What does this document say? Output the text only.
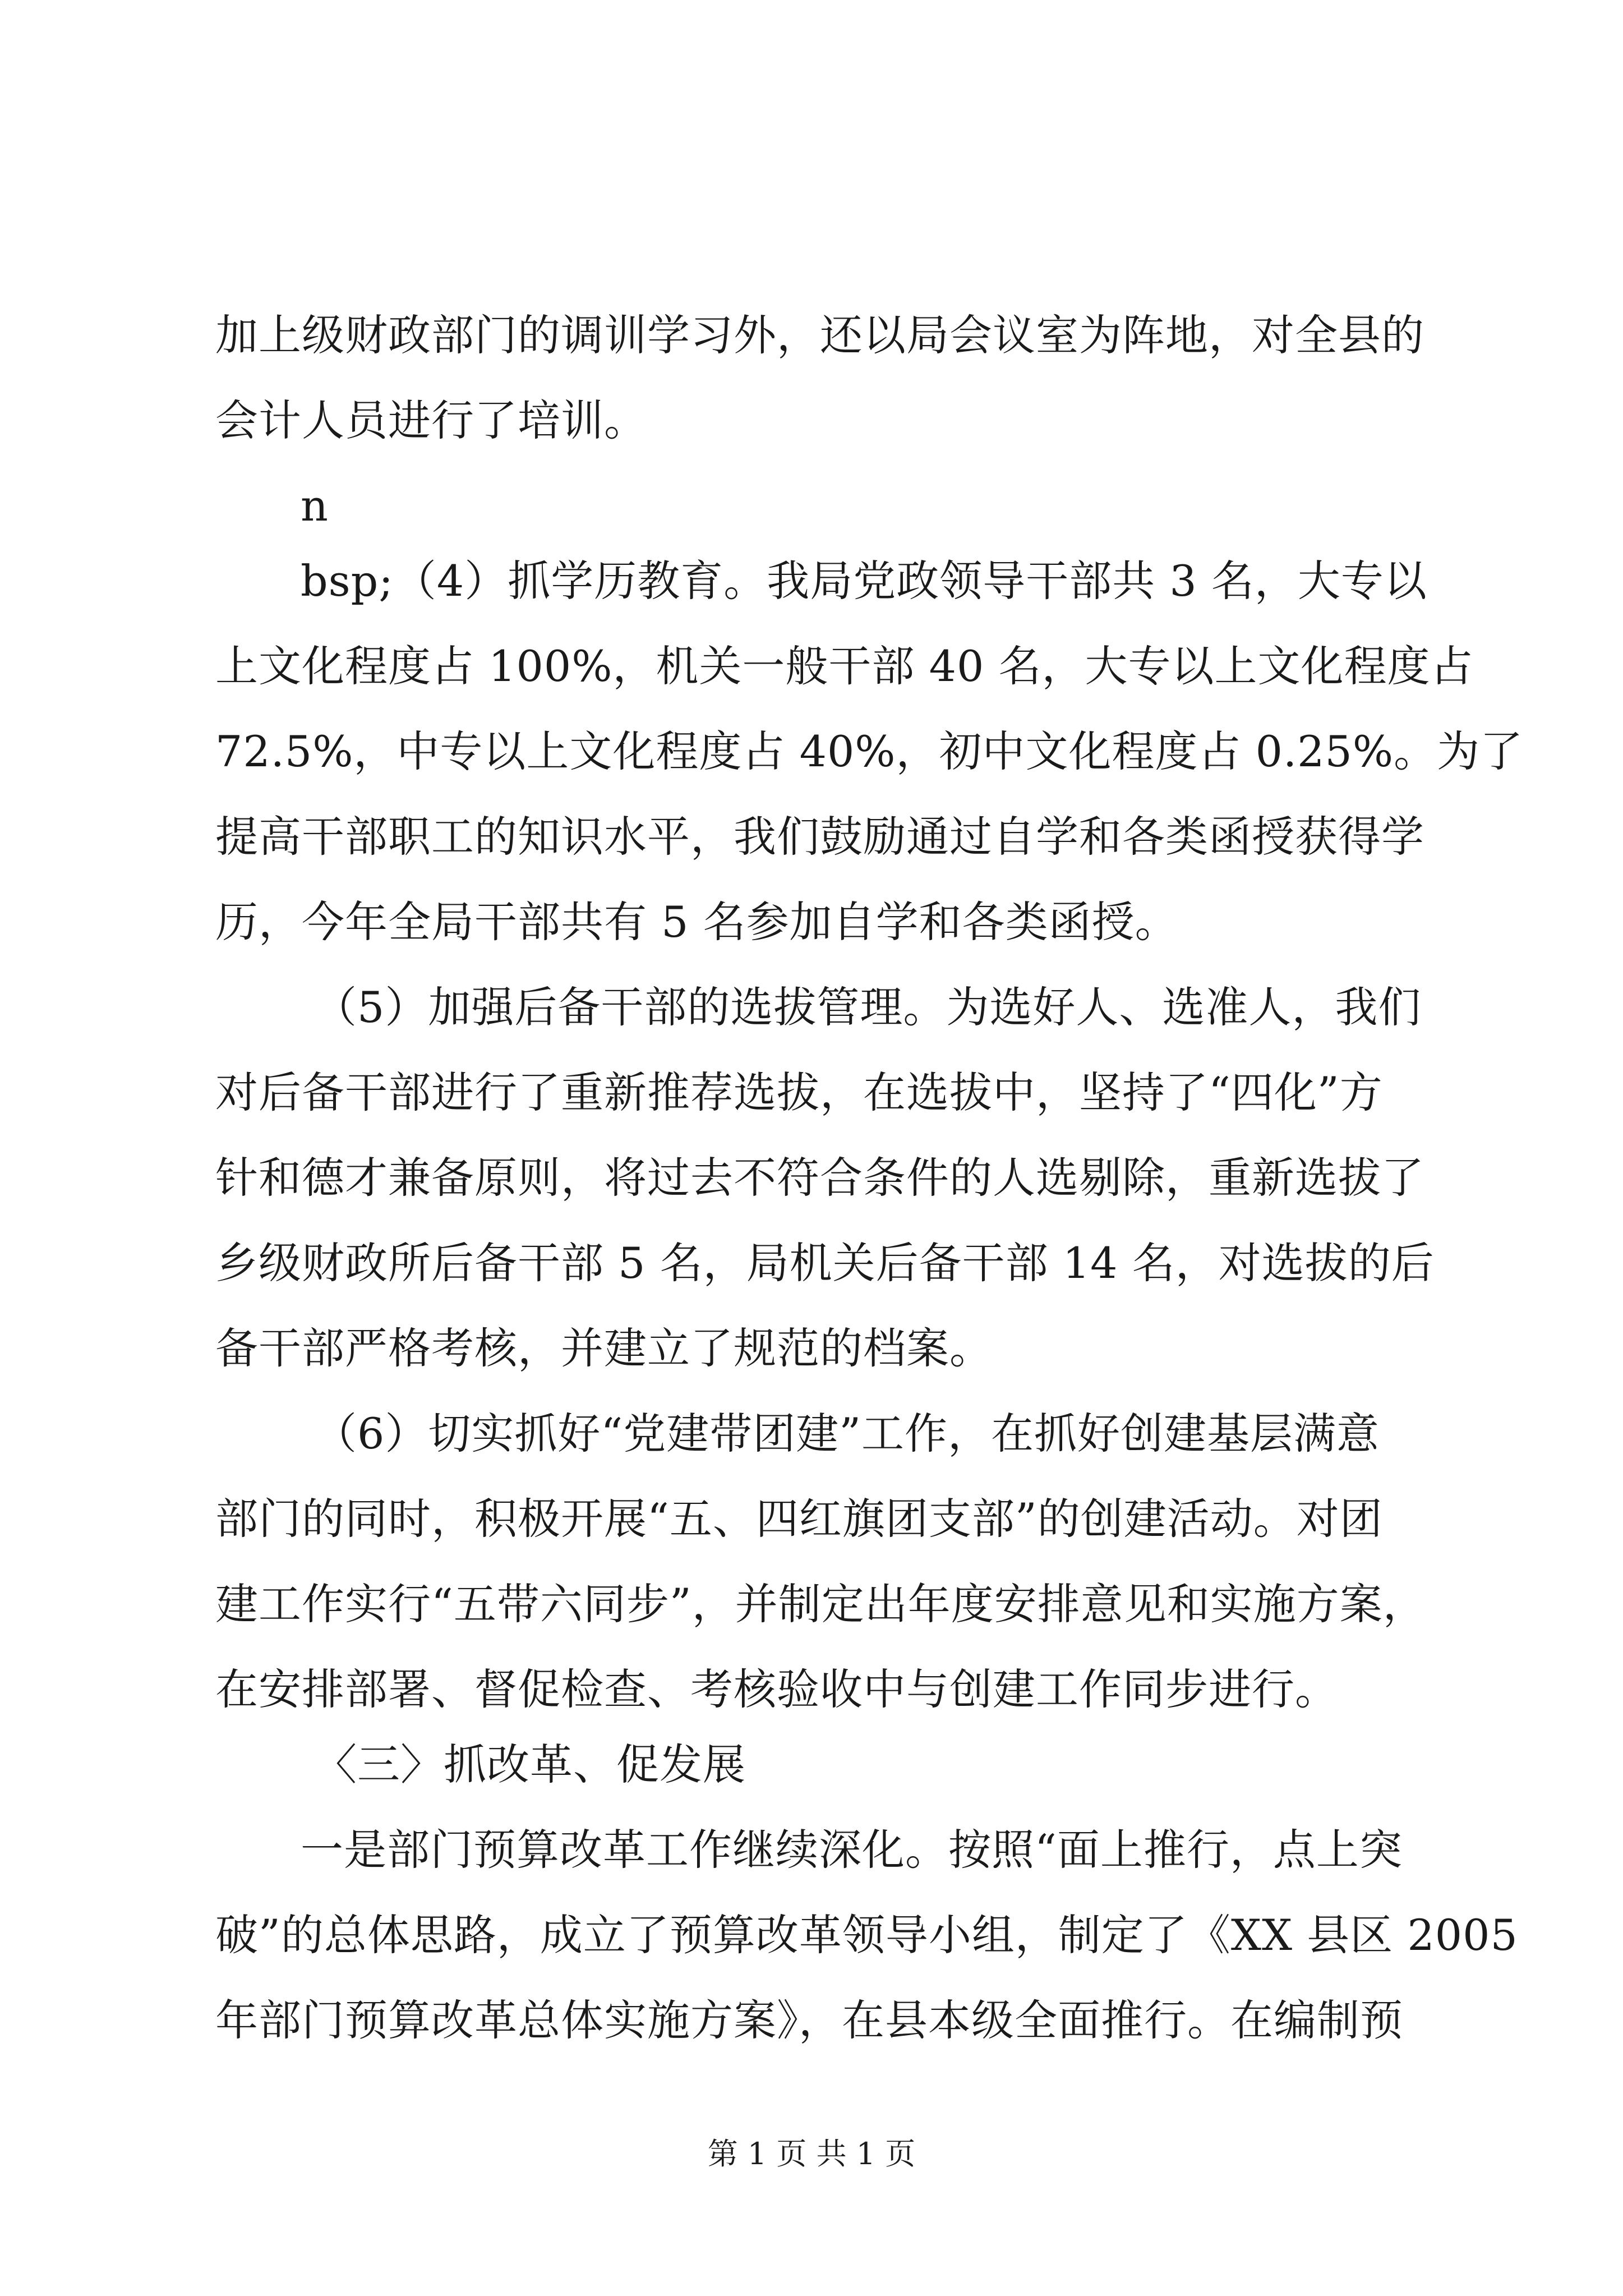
加上级财政部门的调训学习外，还以局会议室为阵地，对全县的
会计人员进行了培训。
n
bsp;（4）抓学历教育。我局党政领导干部共 3 名，大专以
上文化程度占 100%，机关一般干部 40 名，大专以上文化程度占
72.5%，中专以上文化程度占 40%，初中文化程度占 0.25%。为了
提高干部职工的知识水平，我们鼓励通过自学和各类函授获得学
历，今年全局干部共有 5 名参加自学和各类函授。
（5）加强后备干部的选拔管理。为选好人、选准人，我们
对后备干部进行了重新推荐选拔，在选拔中，坚持了“四化”方
针和德才兼备原则，将过去不符合条件的人选剔除，重新选拔了
乡级财政所后备干部 5 名，局机关后备干部 14 名，对选拔的后
备干部严格考核，并建立了规范的档案。
（6）切实抓好“党建带团建”工作，在抓好创建基层满意
部门的同时，积极开展“五、四红旗团支部”的创建活动。对团
建工作实行“五带六同步”，并制定出年度安排意见和实施方案，
在安排部署、督促检查、考核验收中与创建工作同步进行。
〈三〉抓改革、促发展
一是部门预算改革工作继续深化。按照“面上推行，点上突
破”的总体思路，成立了预算改革领导小组，制定了《XX 县区 2005
年部门预算改革总体实施方案》，在县本级全面推行。在编制预
第 1 页 共 1 页
